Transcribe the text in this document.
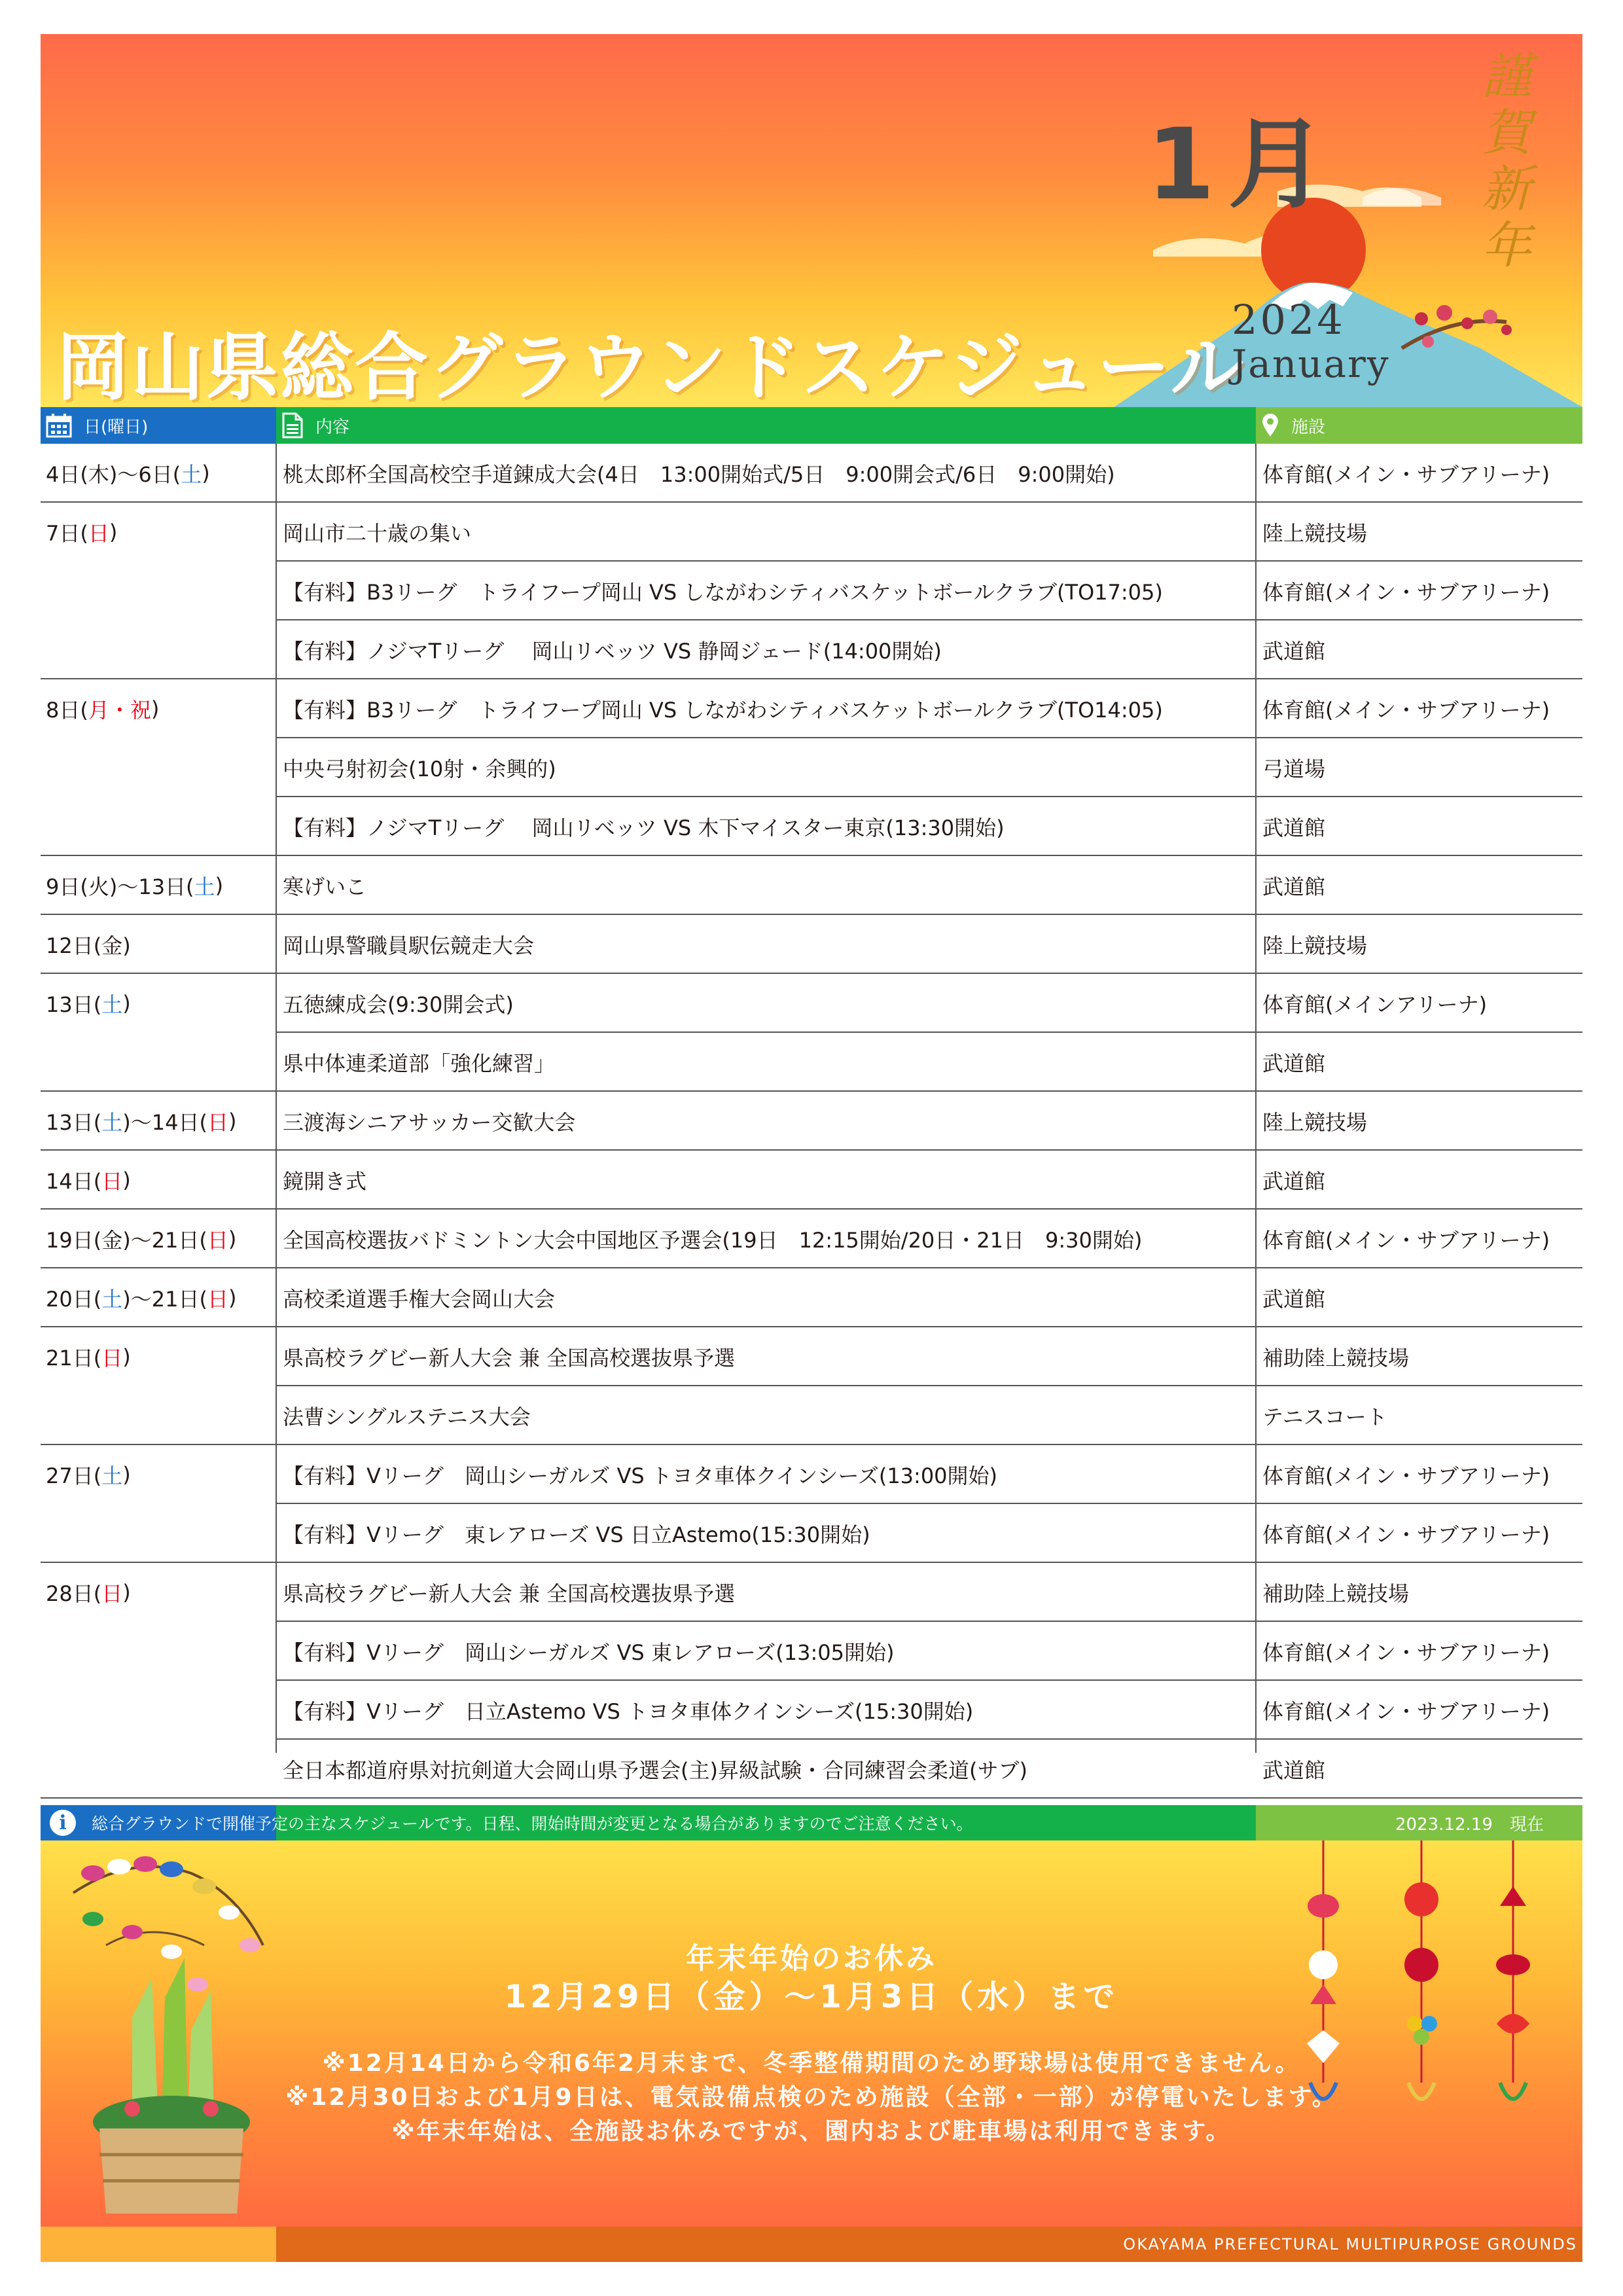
1月
岡山県総合グラウンドスケジュール
2024
January
謹
賀
新
年
日(曜日)	内容	施設
4日(木)～6日( 土 )	桃太郎杯全国高校空手道錬成大会(4日　13:00開始式/5日　9:00開会式/6日　9:00開始)	体育館(メイン・サブアリーナ)
7日( 日 )	岡山市二十歳の集い	陸上競技場
【有料】B3リーグ　トライフープ岡山 VS しながわシティバスケットボールクラブ(TO17:05)	体育館(メイン・サブアリーナ)
【有料】ノジマTリーグ　 岡山リベッツ VS 静岡ジェード(14:00開始)	武道館
8日( 月・祝 )	【有料】B3リーグ　トライフープ岡山 VS しながわシティバスケットボールクラブ(TO14:05)	体育館(メイン・サブアリーナ)
中央弓射初会(10射・余興的)	弓道場
【有料】ノジマTリーグ　 岡山リベッツ VS 木下マイスター東京(13:30開始)	武道館
9日(火)～13日( 土 )	寒げいこ	武道館
12日(金)	岡山県警職員駅伝競走大会	陸上競技場
13日( 土 )	五徳練成会(9:30開会式)	体育館(メインアリーナ)
県中体連柔道部「強化練習」	武道館
13日( 土 )～14日( 日 ) 三渡海シニアサッカー交歓大会	陸上競技場
14日( 日 )	鏡開き式	武道館
19日(金)～21日( 日 ) 全国高校選抜バドミントン大会中国地区予選会(19日　12:15開始/20日・21日　9:30開始)	体育館(メイン・サブアリーナ)
20日( 土 )～21日( 日 ) 高校柔道選手権大会岡山大会	武道館
21日( 日 )	県高校ラグビー新人大会 兼 全国高校選抜県予選	補助陸上競技場
法曹シングルステニス大会	テニスコート
27日( 土 )	【有料】Vリーグ　岡山シーガルズ VS トヨタ車体クインシーズ(13:00開始)	体育館(メイン・サブアリーナ)
【有料】Vリーグ　東レアローズ VS 日立Astemo(15:30開始)	体育館(メイン・サブアリーナ)
28日( 日 )	県高校ラグビー新人大会 兼 全国高校選抜県予選	補助陸上競技場
【有料】Vリーグ　岡山シーガルズ VS 東レアローズ(13:05開始)	体育館(メイン・サブアリーナ)
【有料】Vリーグ　日立Astemo VS トヨタ車体クインシーズ(15:30開始)	体育館(メイン・サブアリーナ)
全日本都道府県対抗剣道大会岡山県予選会(主)昇級試験・合同練習会柔道(サブ)	武道館
i	総合グラウンドで開催予定の主なスケジュールです。日程、開始時間が変更となる場合がありますのでご注意ください。	2023.12.19　現在
年末年始のお休み
12月29日（金）～1月3日（水）まで
※12月14日から令和6年2月末まで、冬季整備期間のため野球場は使用できません。
※12月30日および1月9日は、電気設備点検のため施設（全部・一部）が停電いたします。
※年末年始は、全施設お休みですが、園内および駐車場は利用できます。
OKAYAMA PREFECTURAL MULTIPURPOSE GROUNDS
